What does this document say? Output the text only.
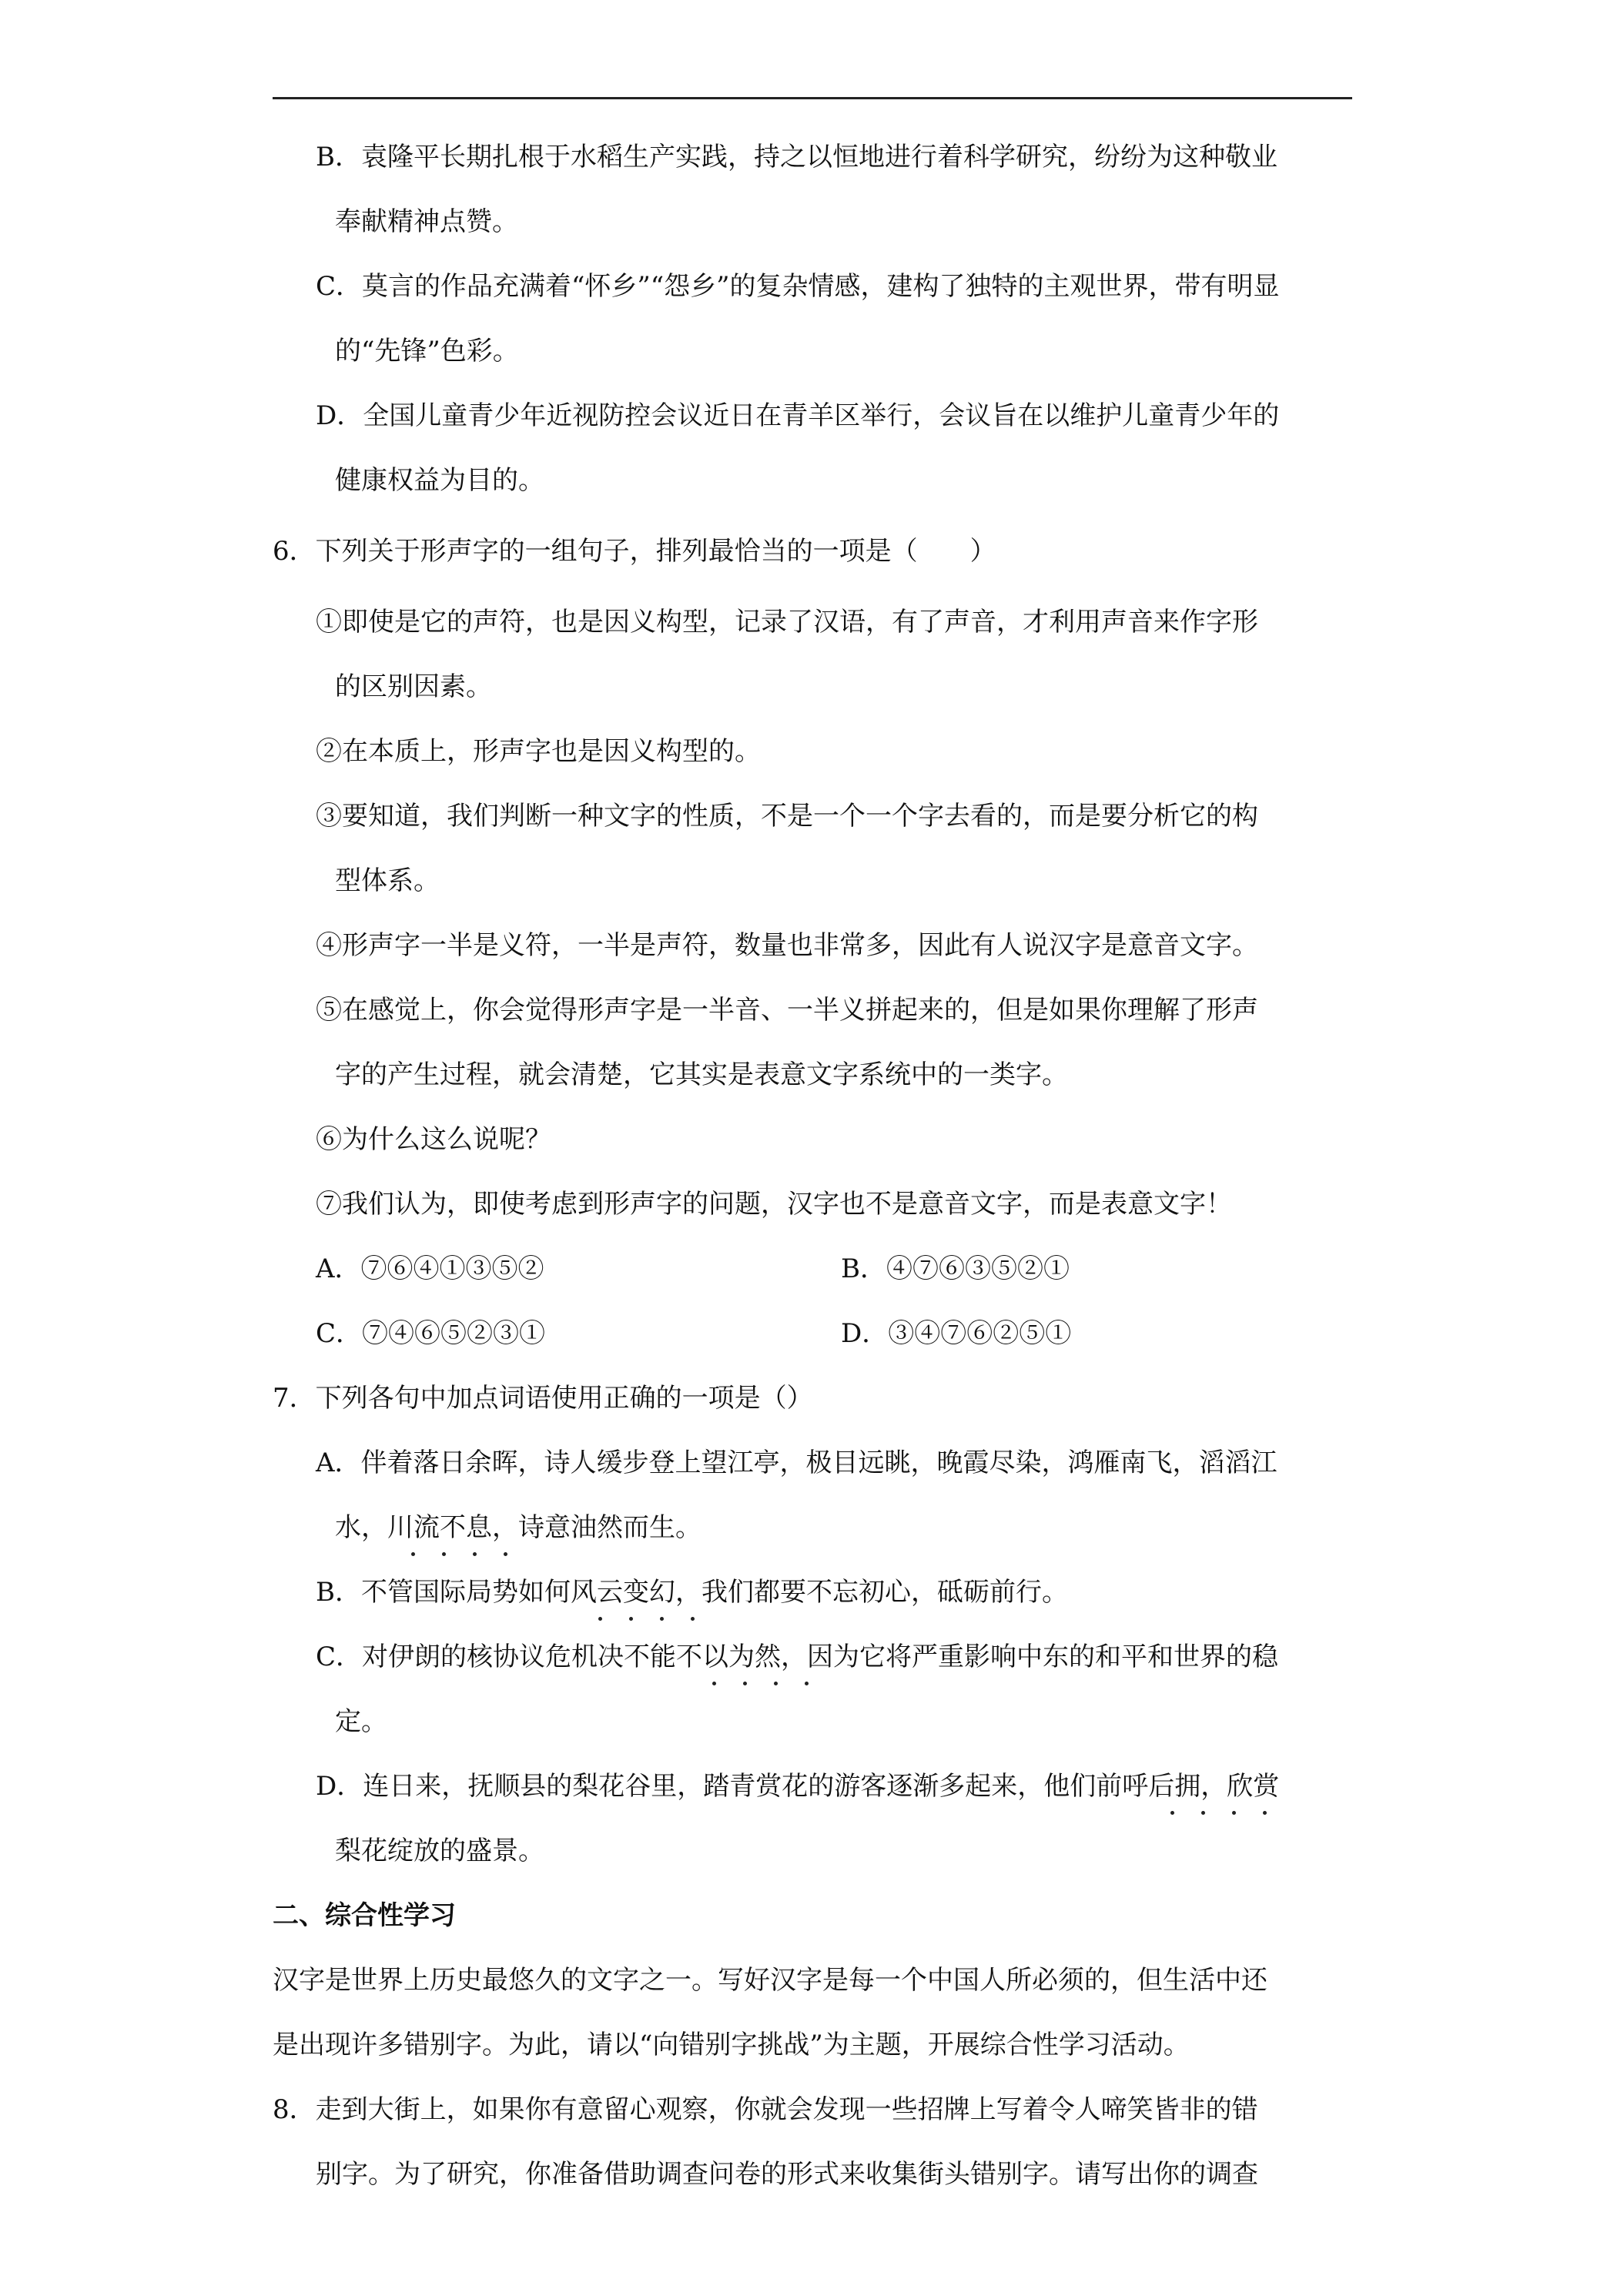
B．袁隆平长期扎根于水稻生产实践，持之以恒地进行着科学研究，纷纷为这种敬业
奉献精神点赞。
C．莫言的作品充满着“怀乡”“怨乡”的复杂情感，建构了独特的主观世界，带有明显
的“先锋”色彩。
D．全国儿童青少年近视防控会议近日在青羊区举行，会议旨在以维护儿童青少年的
健康权益为目的。
6．下列关于形声字的一组句子，排列最恰当的一项是（　　）
①即使是它的声符，也是因义构型，记录了汉语，有了声音，才利用声音来作字形
的区别因素。
②在本质上，形声字也是因义构型的。
③要知道，我们判断一种文字的性质，不是一个一个字去看的，而是要分析它的构
型体系。
④形声字一半是义符，一半是声符，数量也非常多，因此有人说汉字是意音文字。
⑤在感觉上，你会觉得形声字是一半音、一半义拼起来的，但是如果你理解了形声
字的产生过程，就会清楚，它其实是表意文字系统中的一类字。
⑥为什么这么说呢？
⑦我们认为，即使考虑到形声字的问题，汉字也不是意音文字，而是表意文字！
A．⑦⑥④①③⑤②	B．④⑦⑥③⑤②①
C．⑦④⑥⑤②③①	D．③④⑦⑥②⑤①
7．下列各句中加点词语使用正确的一项是（）
A．伴着落日余晖，诗人缓步登上望江亭，极目远眺，晚霞尽染，鸿雁南飞，滔滔江
水，川流不息，诗意油然而生。
B．不管国际局势如何风云变幻，我们都要不忘初心，砥砺前行。
C．对伊朗的核协议危机决不能不以为然，因为它将严重影响中东的和平和世界的稳
定。
D．连日来，抚顺县的梨花谷里，踏青赏花的游客逐渐多起来，他们前呼后拥，欣赏
梨花绽放的盛景。
二、综合性学习
汉字是世界上历史最悠久的文字之一。写好汉字是每一个中国人所必须的，但生活中还
是出现许多错别字。为此，请以“向错别字挑战”为主题，开展综合性学习活动。
8．走到大街上，如果你有意留心观察，你就会发现一些招牌上写着令人啼笑皆非的错
别字。为了研究，你准备借助调查问卷的形式来收集街头错别字。请写出你的调查
